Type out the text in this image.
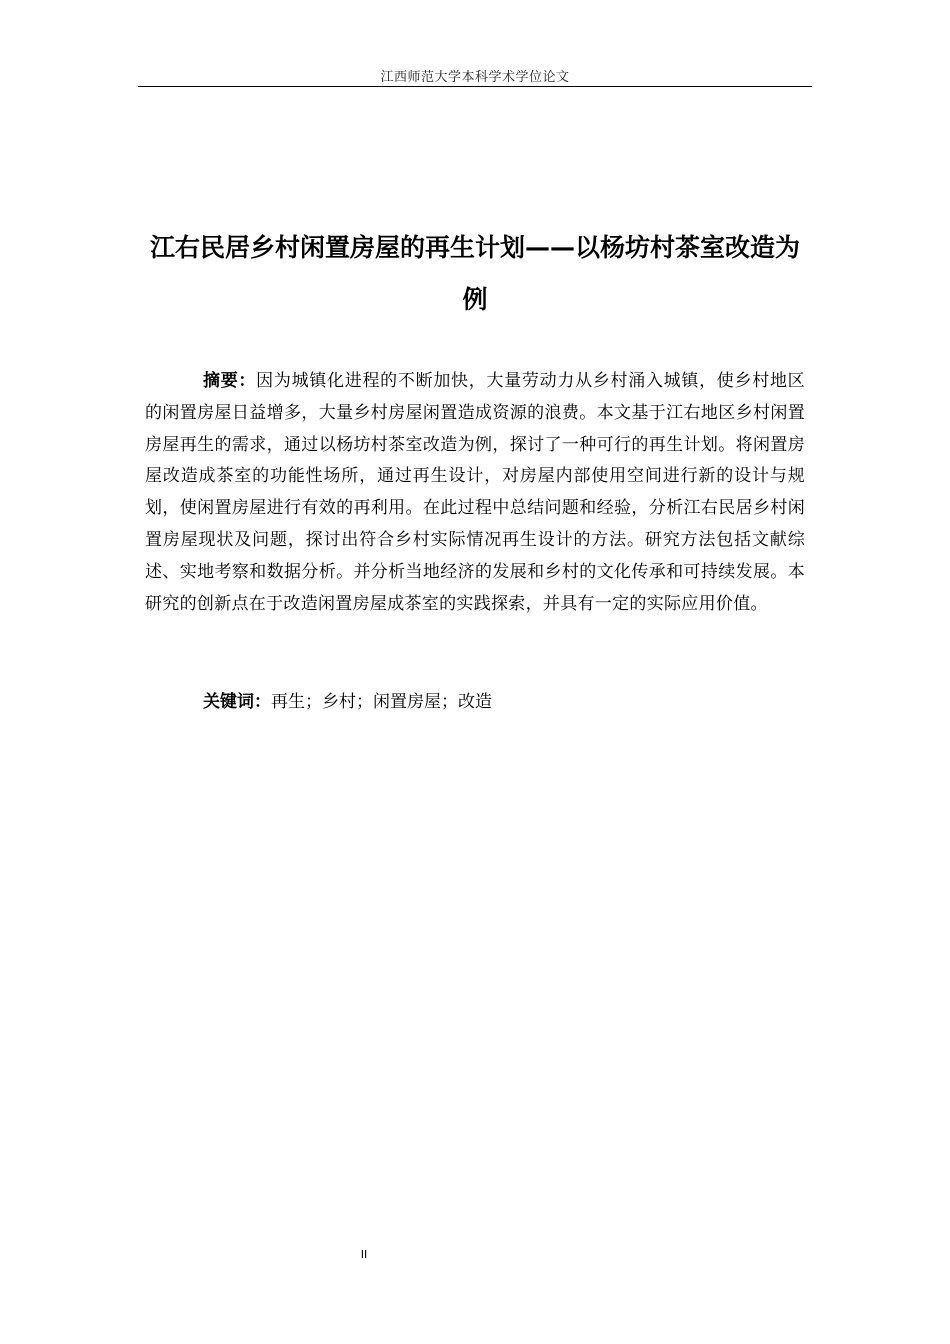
江西师范大学本科学术学位论文
江右民居乡村闲置房屋的再生计划——以杨坊村茶室改造为例

摘要：因为城镇化进程的不断加快，大量劳动力从乡村涌入城镇，使乡村地区的闲置房屋日益增多，大量乡村房屋闲置造成资源的浪费。本文基于江右地区乡村闲置房屋再生的需求，通过以杨坊村茶室改造为例，探讨了一种可行的再生计划。将闲置房屋改造成茶室的功能性场所，通过再生设计，对房屋内部使用空间进行新的设计与规划，使闲置房屋进行有效的再利用。在此过程中总结问题和经验，分析江右民居乡村闲置房屋现状及问题，探讨出符合乡村实际情况再生设计的方法。研究方法包括文献综述、实地考察和数据分析。并分析当地经济的发展和乡村的文化传承和可持续发展。本研究的创新点在于改造闲置房屋成茶室的实践探索，并具有一定的实际应用价值。

关键词：再生；乡村；闲置房屋；改造

II
